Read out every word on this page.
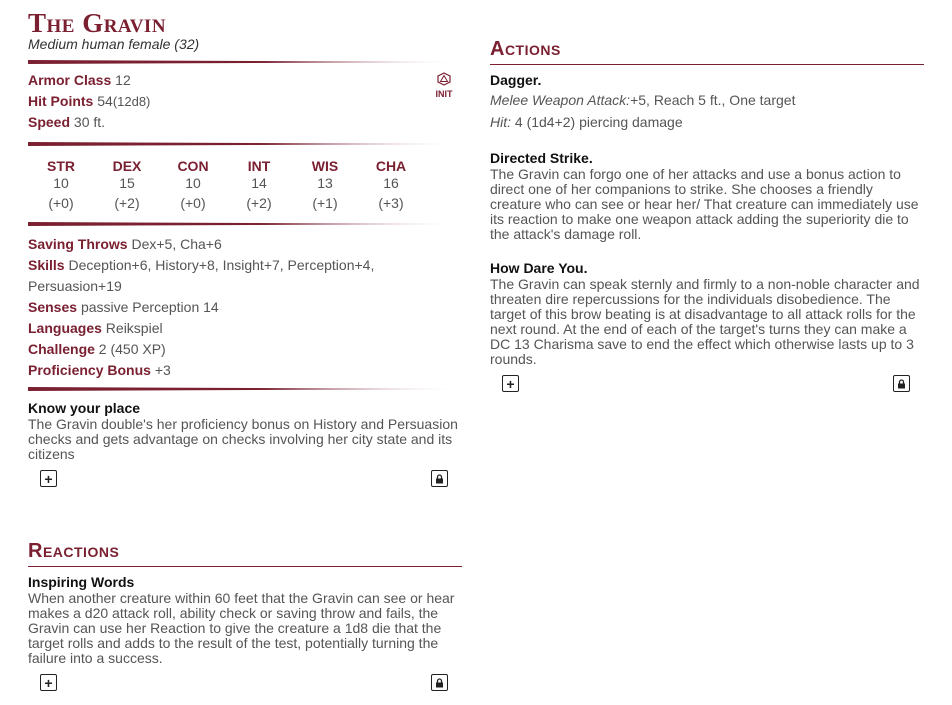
The Gravin
Medium human female (32)
Armor Class 12
Hit Points 54(12d8)
Speed 30 ft.
INIT
STR
10
(+0)
DEX
15
(+2)
CON
10
(+0)
INT
14
(+2)
WIS
13
(+1)
CHA
16
(+3)
Saving Throws Dex+5, Cha+6
Skills Deception+6, History+8, Insight+7, Perception+4, Persuasion+19
Senses passive Perception 14
Languages Reikspiel
Challenge 2 (450 XP)
Proficiency Bonus +3
Know your place
The Gravin double's her proficiency bonus on History and Persuasion checks and gets advantage on checks involving her city state and its citizens
+
Reactions
Inspiring Words
When another creature within 60 feet that the Gravin can see or hear makes a d20 attack roll, ability check or saving throw and fails, the Gravin can use her Reaction to give the creature a 1d8 die that the target rolls and adds to the result of the test, potentially turning the failure into a success.
+
Actions
Dagger.
Melee Weapon Attack:+5, Reach 5 ft., One target
Hit: 4 (1d4+2) piercing damage
Directed Strike.
The Gravin can forgo one of her attacks and use a bonus action to direct one of her companions to strike. She chooses a friendly creature who can see or hear her/ That creature can immediately use its reaction to make one weapon attack adding the superiority die to the attack's damage roll.
How Dare You.
The Gravin can speak sternly and firmly to a non-noble character and threaten dire repercussions for the individuals disobedience. The target of this brow beating is at disadvantage to all attack rolls for the next round. At the end of each of the target's turns they can make a DC 13 Charisma save to end the effect which otherwise lasts up to 3 rounds.
+
